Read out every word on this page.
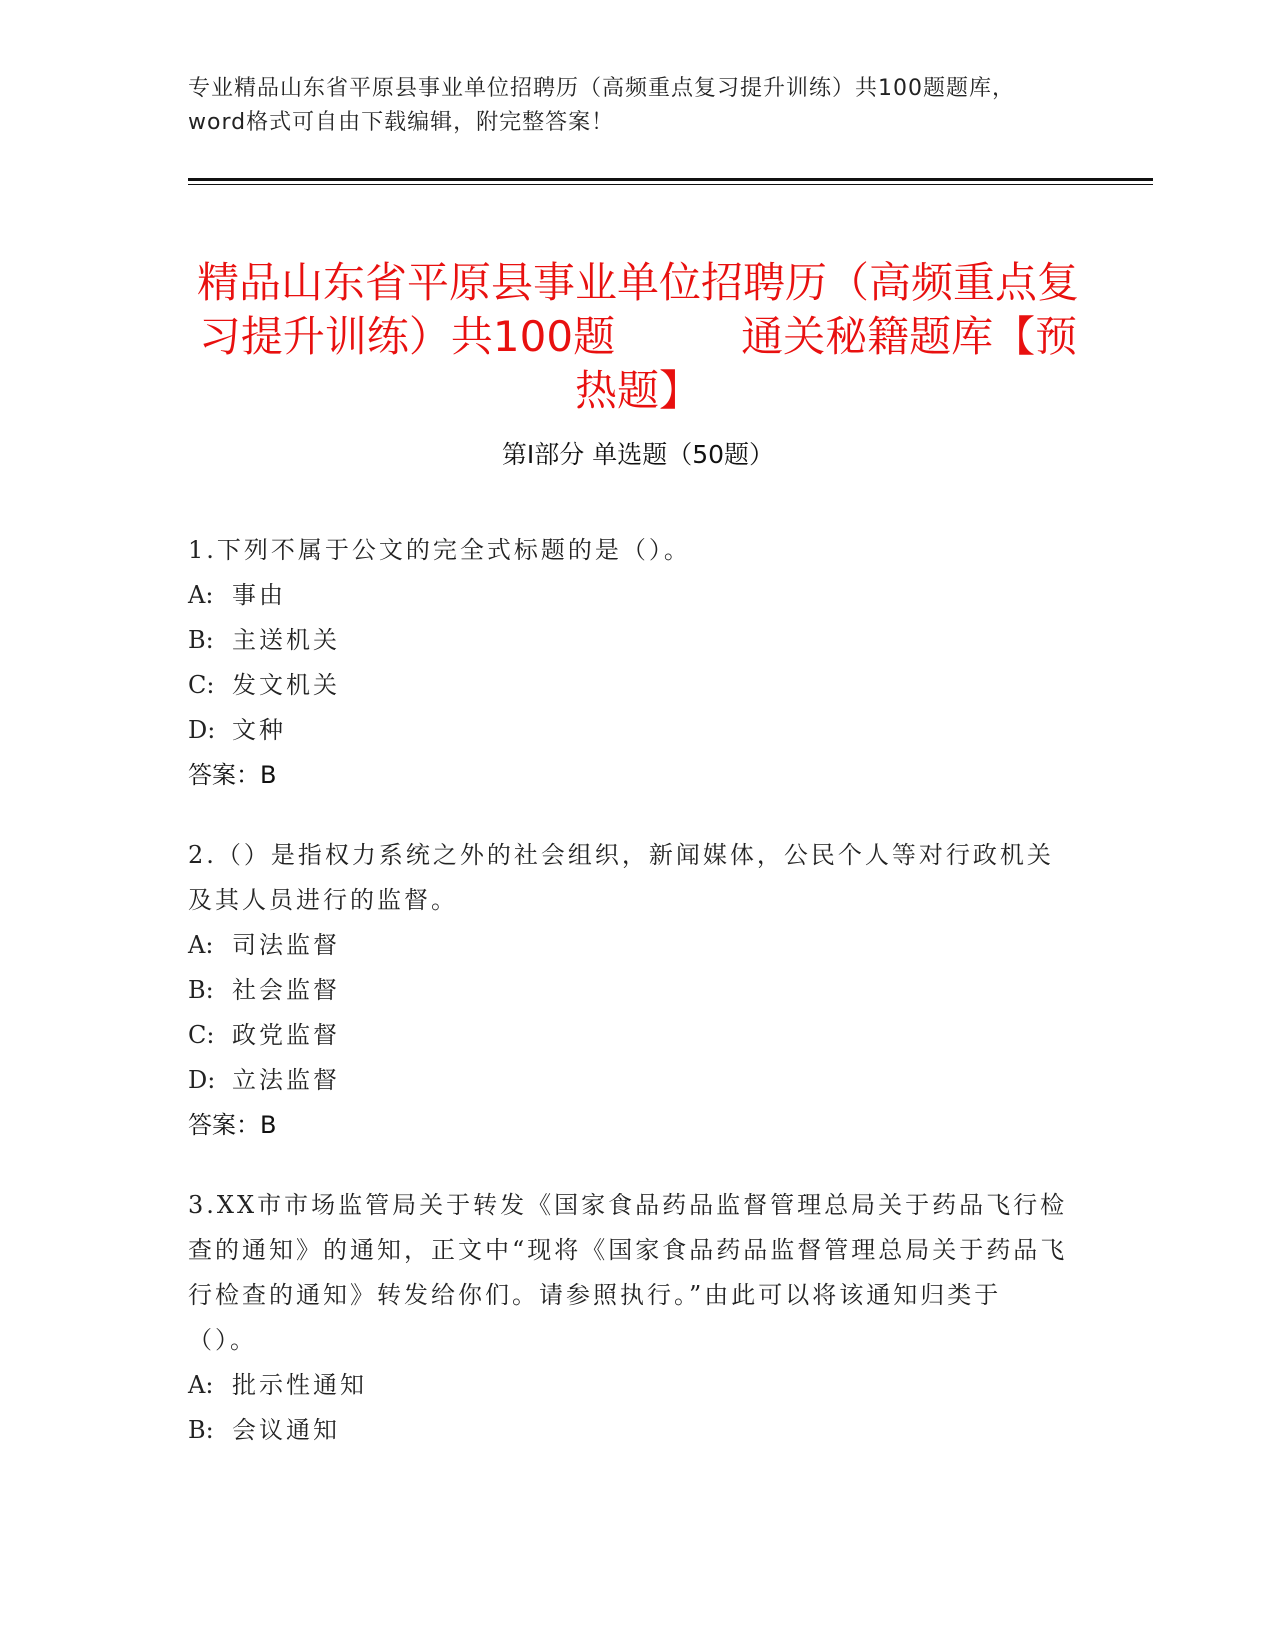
专业精品山东省平原县事业单位招聘历（高频重点复习提升训练）共100题题库，word格式可自由下载编辑，附完整答案！
精品山东省平原县事业单位招聘历（高频重点复习提升训练）共100题　　　通关秘籍题库【预热题】
第Ⅰ部分 单选题（50题）
1.下列不属于公文的完全式标题的是（）。
A: 事由
B: 主送机关
C: 发文机关
D: 文种
答案：B
2.（）是指权力系统之外的社会组织，新闻媒体，公民个人等对行政机关及其人员进行的监督。
A: 司法监督
B: 社会监督
C: 政党监督
D: 立法监督
答案：B
3.XX市市场监管局关于转发《国家食品药品监督管理总局关于药品飞行检查的通知》的通知，正文中“现将《国家食品药品监督管理总局关于药品飞行检查的通知》转发给你们。请参照执行。”由此可以将该通知归类于（）。
A: 批示性通知
B: 会议通知
